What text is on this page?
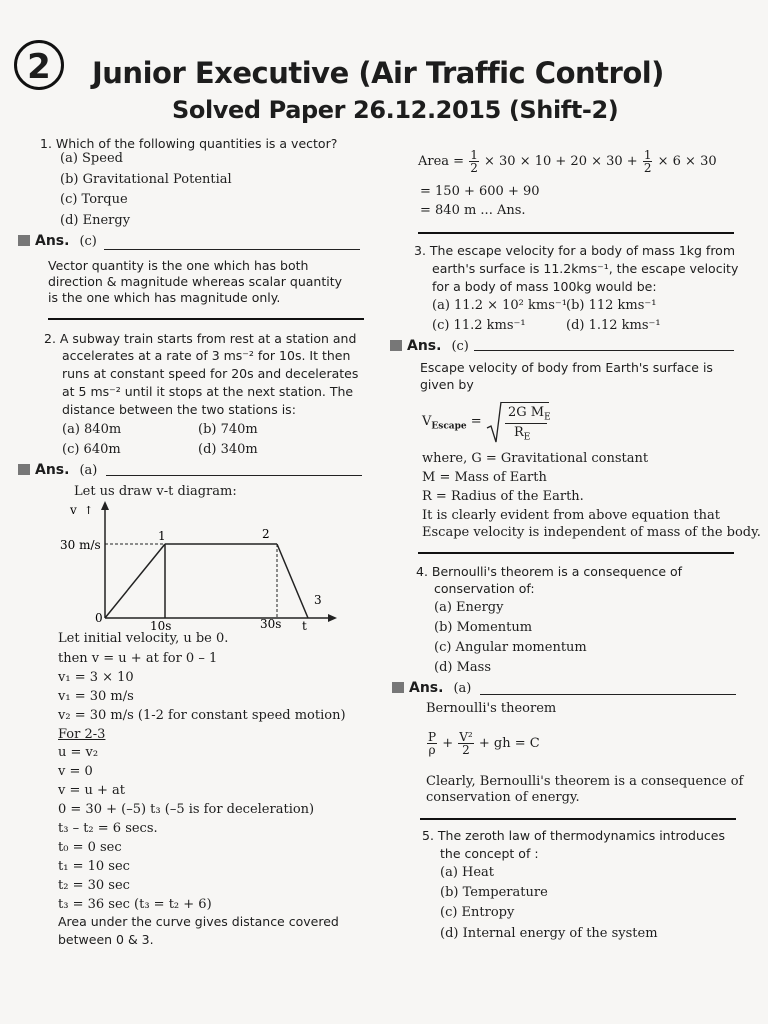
2	Junior Executive (Air Traffic Control)
Solved Paper 26.12.2015 (Shift-2)
1. Which of the following quantities is a vector?
(a) Speed
(b) Gravitational Potential
(c) Torque
(d) Energy
Ans. (c)
Vector quantity is the one which has both
direction & magnitude whereas scalar quantity
is the one which has magnitude only.
2. A subway train starts from rest at a station and
accelerates at a rate of 3 ms⁻² for 10s. It then
runs at constant speed for 20s and decelerates
at 5 ms⁻² until it stops at the next station. The
distance between the two stations is:
(a) 840m	(b) 740m
(c) 640m	(d) 340m
Ans. (a)
Let us draw v-t diagram:
v ↑
30 m/s
0
10s	30s t
1	2
3
Let initial velocity, u be 0.
then v = u + at for 0 – 1
v₁ = 3 × 10
v₁ = 30 m/s
v₂ = 30 m/s (1-2 for constant speed motion)
For 2-3
u = v₂
v = 0
v = u + at
0 = 30 + (–5) t₃ (–5 is for deceleration)
t₃ – t₂ = 6 secs.
t₀ = 0 sec
t₁ = 10 sec
t₂ = 30 sec
t₃ = 36 sec (t₃ = t₂ + 6)
Area under the curve gives distance covered
between 0 & 3.
Area = $\frac{1}{2} \times 30 \times 10 + 20 \times 30 + \frac{1}{2} \times 6 \times 30$
= 150 + 600 + 90
= 840 m ... Ans.
3. The escape velocity for a body of mass 1kg from
earth's surface is 11.2kms⁻¹, the escape velocity
for a body of mass 100kg would be:
(a) 11.2 × 10² kms⁻¹ (b) 112 kms⁻¹
(c) 11.2 kms⁻¹	(d) 1.12 kms⁻¹
Ans. (c)
Escape velocity of body from Earth's surface is
given by
$V_{Escape}$ =
2G $M_E$
$R_E$
where, G = Gravitational constant
M = Mass of Earth
R = Radius of the Earth.
It is clearly evident from above equation that
Escape velocity is independent of mass of the body.
4. Bernoulli's theorem is a consequence of
conservation of:
(a) Energy
(b) Momentum
(c) Angular momentum
(d) Mass
Ans. (a)
Bernoulli's theorem
$\frac{P}{\rho} + \frac{\text{V²}}{2}$ + gh = C
Clearly, Bernoulli's theorem is a consequence of
conservation of energy.
5. The zeroth law of thermodynamics introduces
the concept of :
(a) Heat
(b) Temperature
(c) Entropy
(d) Internal energy of the system
